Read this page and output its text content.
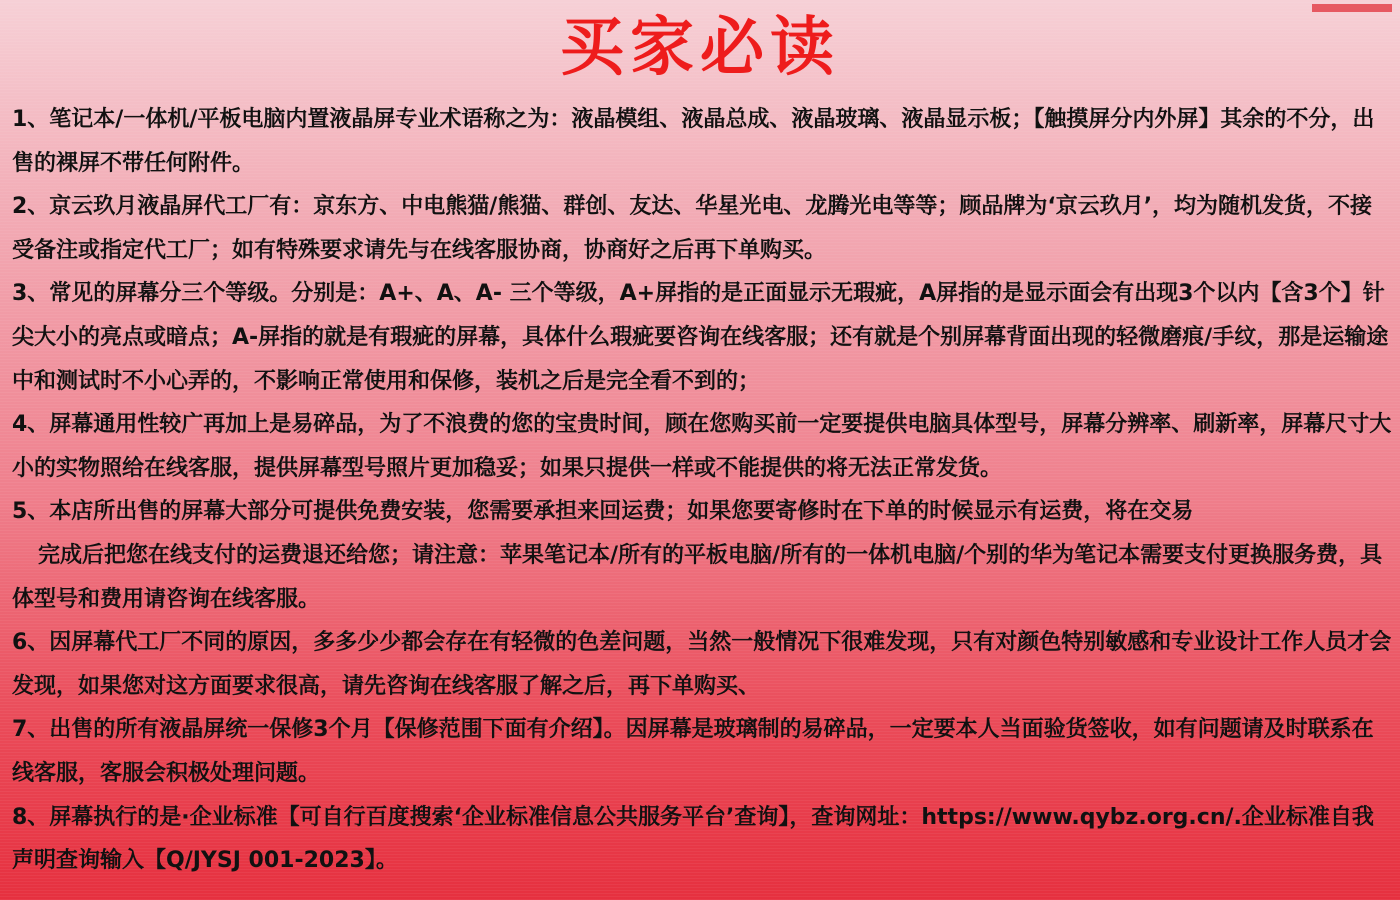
买家必读

1、笔记本/一体机/平板电脑内置液晶屏专业术语称之为：液晶模组、液晶总成、液晶玻璃、液晶显示板；【触摸屏分内外屏】其余的不分，出售的裸屏不带任何附件。

2、京云玖月液晶屏代工厂有：京东方、中电熊猫/熊猫、群创、友达、华星光电、龙腾光电等等；顾品牌为‘京云玖月’，均为随机发货，不接受备注或指定代工厂；如有特殊要求请先与在线客服协商，协商好之后再下单购买。

3、常见的屏幕分三个等级。分别是：A+、A、A- 三个等级，A+屏指的是正面显示无瑕疵，A屏指的是显示面会有出现3个以内【含3个】针尖大小的亮点或暗点；A-屏指的就是有瑕疵的屏幕，具体什么瑕疵要咨询在线客服；还有就是个别屏幕背面出现的轻微磨痕/手纹，那是运输途中和测试时不小心弄的，不影响正常使用和保修，装机之后是完全看不到的；

4、屏幕通用性较广再加上是易碎品，为了不浪费的您的宝贵时间，顾在您购买前一定要提供电脑具体型号，屏幕分辨率、刷新率，屏幕尺寸大小的实物照给在线客服，提供屏幕型号照片更加稳妥；如果只提供一样或不能提供的将无法正常发货。

5、本店所出售的屏幕大部分可提供免费安装，您需要承担来回运费；如果您要寄修时在下单的时候显示有运费，将在交易

完成后把您在线支付的运费退还给您；请注意：苹果笔记本/所有的平板电脑/所有的一体机电脑/个别的华为笔记本需要支付更换服务费，具体型号和费用请咨询在线客服。

6、因屏幕代工厂不同的原因，多多少少都会存在有轻微的色差问题，当然一般情况下很难发现，只有对颜色特别敏感和专业设计工作人员才会发现，如果您对这方面要求很高，请先咨询在线客服了解之后，再下单购买、

7、出售的所有液晶屏统一保修3个月【保修范围下面有介绍】。因屏幕是玻璃制的易碎品，一定要本人当面验货签收，如有问题请及时联系在线客服，客服会积极处理问题。

8、屏幕执行的是·企业标准【可自行百度搜索‘企业标准信息公共服务平台’查询】，查询网址：https://www.qybz.org.cn/.企业标准自我声明查询输入【Q/JYSJ 001-2023】。
